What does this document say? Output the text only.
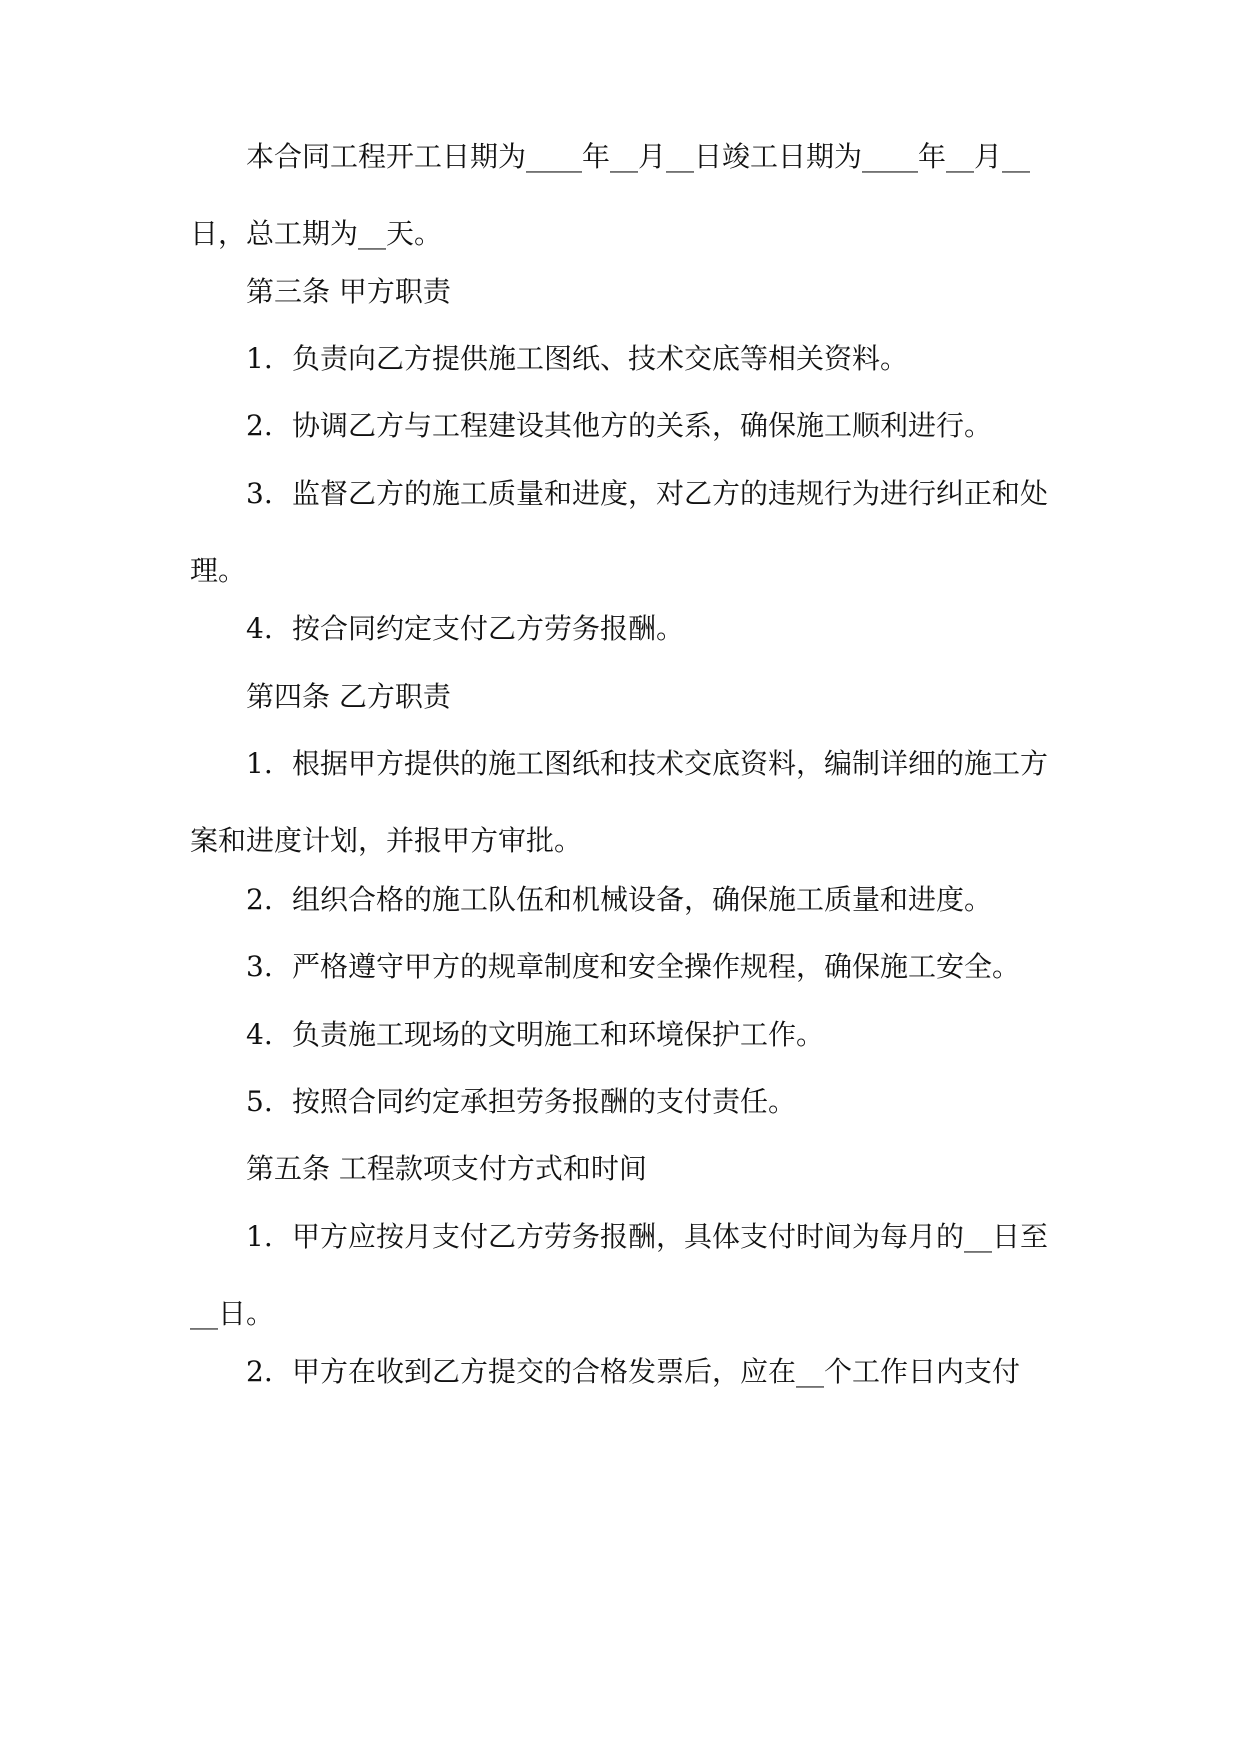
本合同工程开工日期为____年__月__日竣工日期为____年__月__日，总工期为__天。

第三条 甲方职责

1. 负责向乙方提供施工图纸、技术交底等相关资料。

2. 协调乙方与工程建设其他方的关系，确保施工顺利进行。

3. 监督乙方的施工质量和进度，对乙方的违规行为进行纠正和处理。

4. 按合同约定支付乙方劳务报酬。

第四条 乙方职责

1. 根据甲方提供的施工图纸和技术交底资料，编制详细的施工方案和进度计划，并报甲方审批。

2. 组织合格的施工队伍和机械设备，确保施工质量和进度。

3. 严格遵守甲方的规章制度和安全操作规程，确保施工安全。

4. 负责施工现场的文明施工和环境保护工作。

5. 按照合同约定承担劳务报酬的支付责任。

第五条 工程款项支付方式和时间

1. 甲方应按月支付乙方劳务报酬，具体支付时间为每月的__日至__日。

2. 甲方在收到乙方提交的合格发票后，应在__个工作日内支付
